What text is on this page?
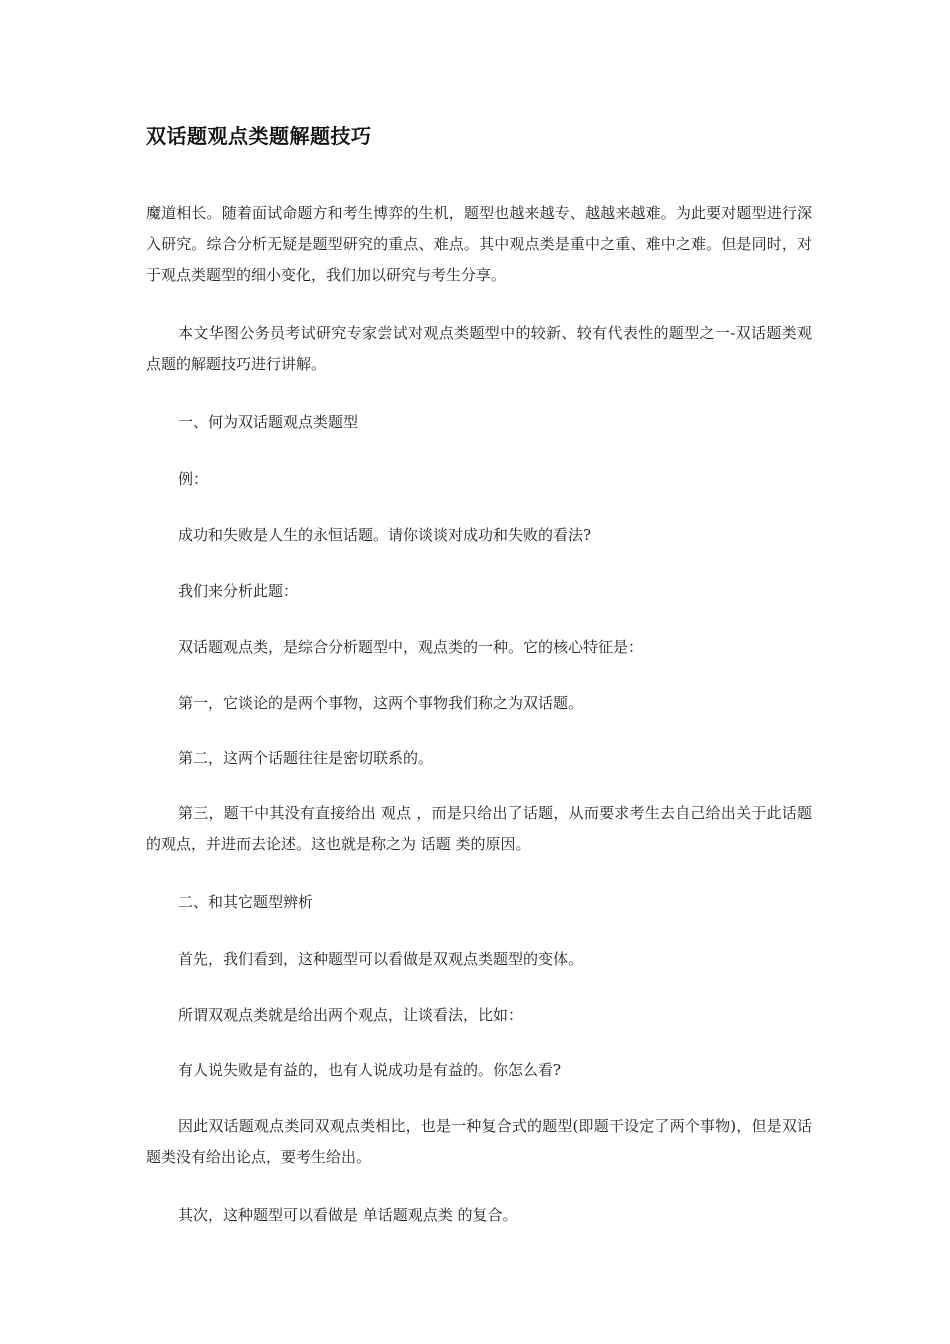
双话题观点类题解题技巧

魔道相长。随着面试命题方和考生博弈的生机，题型也越来越专、越越来越难。为此要对题型进行深入研究。综合分析无疑是题型研究的重点、难点。其中观点类是重中之重、难中之难。但是同时，对于观点类题型的细小变化，我们加以研究与考生分享。

本文华图公务员考试研究专家尝试对观点类题型中的较新、较有代表性的题型之一-双话题类观点题的解题技巧进行讲解。

一、何为双话题观点类题型

例：

成功和失败是人生的永恒话题。请你谈谈对成功和失败的看法?

我们来分析此题：

双话题观点类，是综合分析题型中，观点类的一种。它的核心特征是：

第一，它谈论的是两个事物，这两个事物我们称之为双话题。

第二，这两个话题往往是密切联系的。

第三，题干中其没有直接给出 观点 ，而是只给出了话题，从而要求考生去自己给出关于此话题的观点，并进而去论述。这也就是称之为 话题 类的原因。

二、和其它题型辨析

首先，我们看到，这种题型可以看做是双观点类题型的变体。

所谓双观点类就是给出两个观点，让谈看法，比如：

有人说失败是有益的，也有人说成功是有益的。你怎么看?

因此双话题观点类同双观点类相比，也是一种复合式的题型(即题干设定了两个事物)，但是双话题类没有给出论点，要考生给出。

其次，这种题型可以看做是 单话题观点类 的复合。
